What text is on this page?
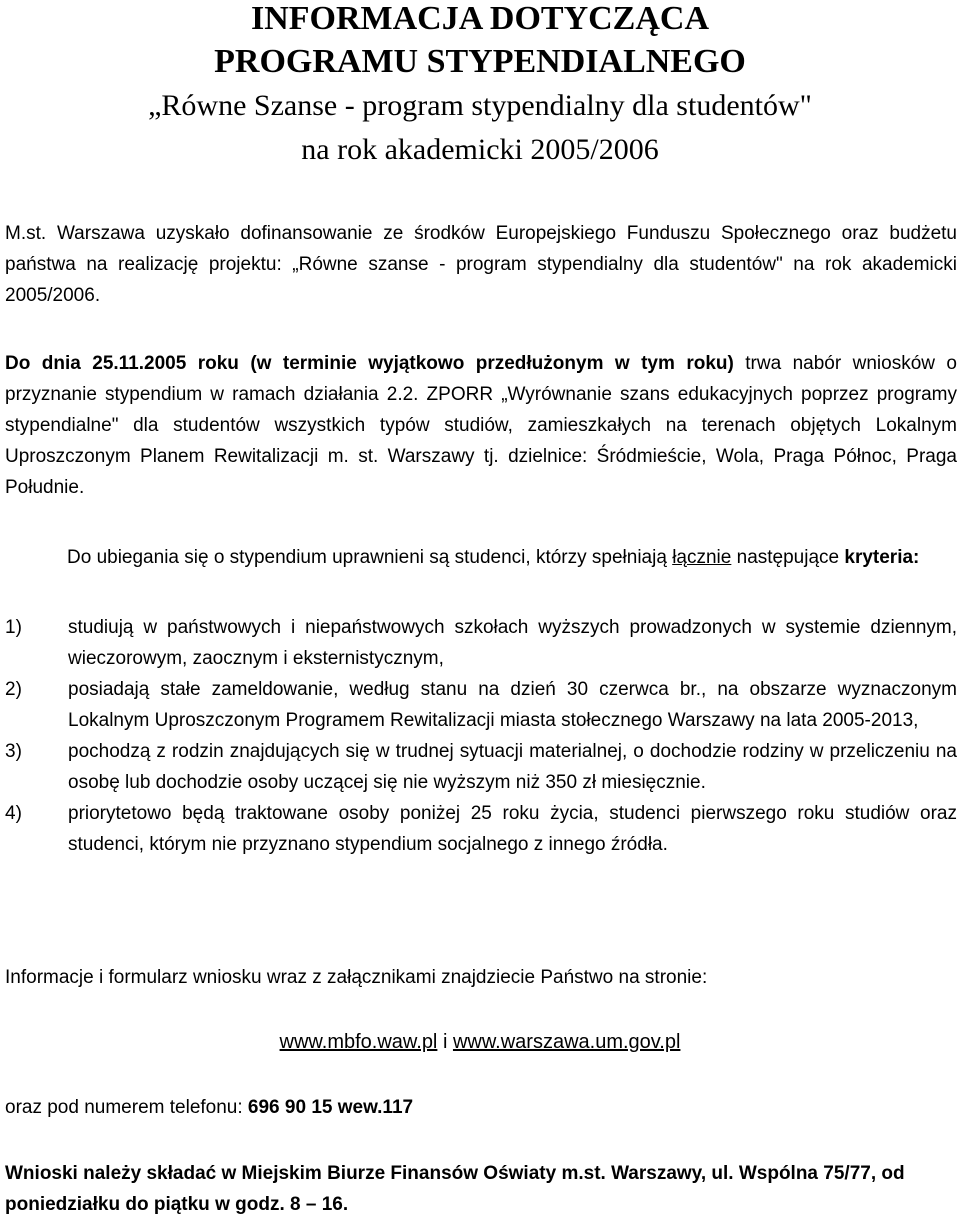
INFORMACJA DOTYCZĄCA
PROGRAMU STYPENDIALNEGO
„Równe Szanse - program stypendialny dla studentów"
na rok akademicki 2005/2006

M.st. Warszawa uzyskało dofinansowanie ze środków Europejskiego Funduszu Społecznego oraz budżetu państwa na realizację projektu: „Równe szanse - program stypendialny dla studentów" na rok akademicki 2005/2006.

Do dnia 25.11.2005 roku (w terminie wyjątkowo przedłużonym w tym roku) trwa nabór wniosków o przyznanie stypendium w ramach działania 2.2. ZPORR „Wyrównanie szans edukacyjnych poprzez programy stypendialne" dla studentów wszystkich typów studiów, zamieszkałych na terenach objętych Lokalnym Uproszczonym Planem Rewitalizacji m. st. Warszawy tj. dzielnice: Śródmieście, Wola, Praga Północ, Praga Południe.

Do ubiegania się o stypendium uprawnieni są studenci, którzy spełniają łącznie następujące kryteria:

1) studiują w państwowych i niepaństwowych szkołach wyższych prowadzonych w systemie dziennym, wieczorowym, zaocznym i eksternistycznym,
2) posiadają stałe zameldowanie, według stanu na dzień 30 czerwca br., na obszarze wyznaczonym Lokalnym Uproszczonym Programem Rewitalizacji miasta stołecznego Warszawy na lata 2005-2013,
3) pochodzą z rodzin znajdujących się w trudnej sytuacji materialnej, o dochodzie rodziny w przeliczeniu na osobę lub dochodzie osoby uczącej się nie wyższym niż 350 zł miesięcznie.
4) priorytetowo będą traktowane osoby poniżej 25 roku życia, studenci pierwszego roku studiów oraz studenci, którym nie przyznano stypendium socjalnego z innego źródła.

Informacje i formularz wniosku wraz z załącznikami znajdziecie Państwo na stronie:

www.mbfo.waw.pl i www.warszawa.um.gov.pl

oraz pod numerem telefonu: 696 90 15 wew.117

Wnioski należy składać w Miejskim Biurze Finansów Oświaty m.st. Warszawy, ul. Wspólna 75/77, od poniedziałku do piątku w godz. 8 – 16.
